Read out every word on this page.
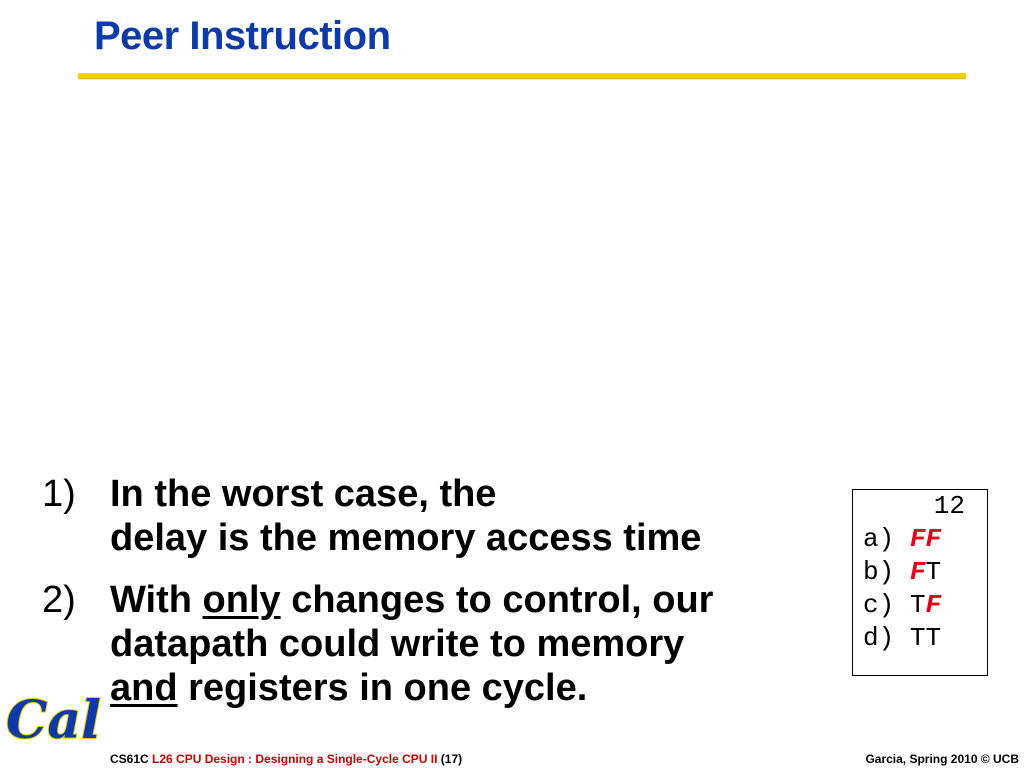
Peer Instruction
1) In the worst case, the
delay is the memory access time
2) With only changes to control, our
datapath could write to memory
and registers in one cycle.
12
a) FF
b) FT
c) TF
d) TT
Cal
CS61C L26 CPU Design : Designing a Single-Cycle CPU II (17)	Garcia, Spring 2010 © UCB
